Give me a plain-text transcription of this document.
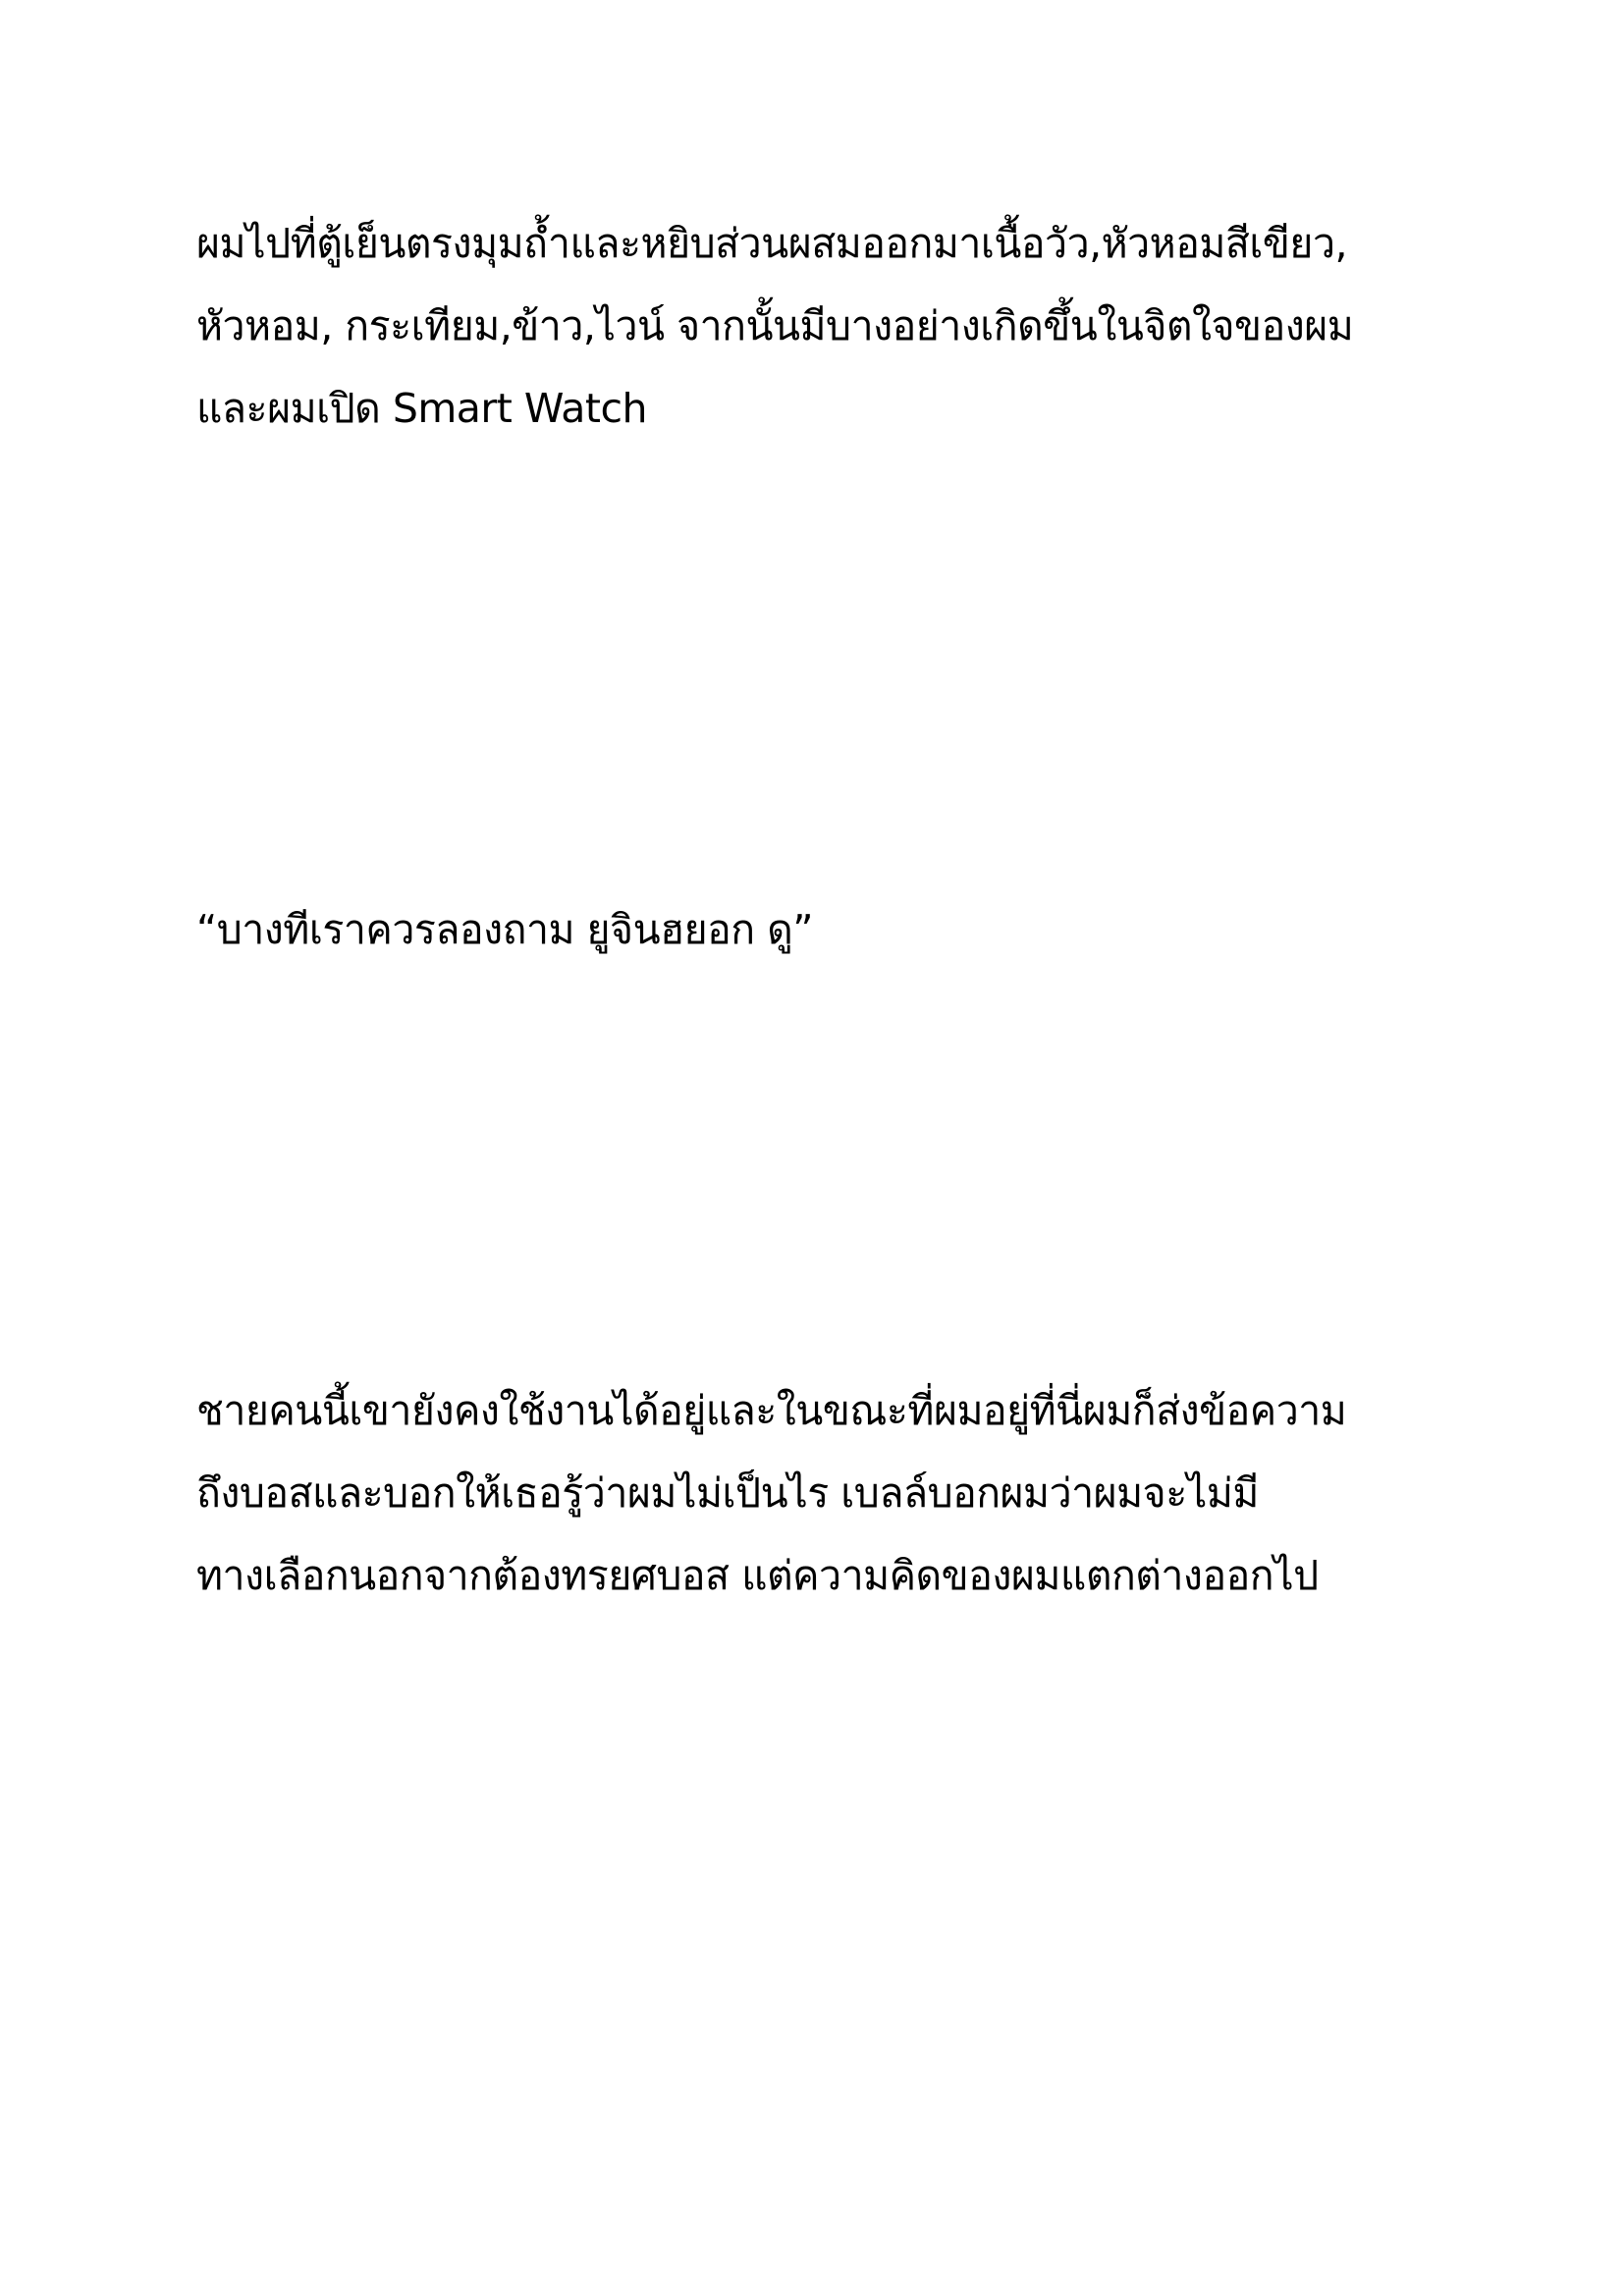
ผมไปที่ตู้เย็นตรงมุมถ้ำและหยิบส่วนผสมออกมาเนื้อวัว,หัวหอมสีเขียว,
หัวหอม, กระเทียม,ข้าว,ไวน์ จากนั้นมีบางอย่างเกิดขึ้นในจิตใจของผม
และผมเปิด Smart Watch
“บางทีเราควรลองถาม ยูจินฮยอก ดู”
ชายคนนี้เขายังคงใช้งานได้อยู่และในขณะที่ผมอยู่ที่นี่ผมก็ส่งข้อความ
ถึงบอสและบอกให้เธอรู้ว่าผมไม่เป็นไร เบลล์บอกผมว่าผมจะไม่มี
ทางเลือกนอกจากต้องทรยศบอส แต่ความคิดของผมแตกต่างออกไป
